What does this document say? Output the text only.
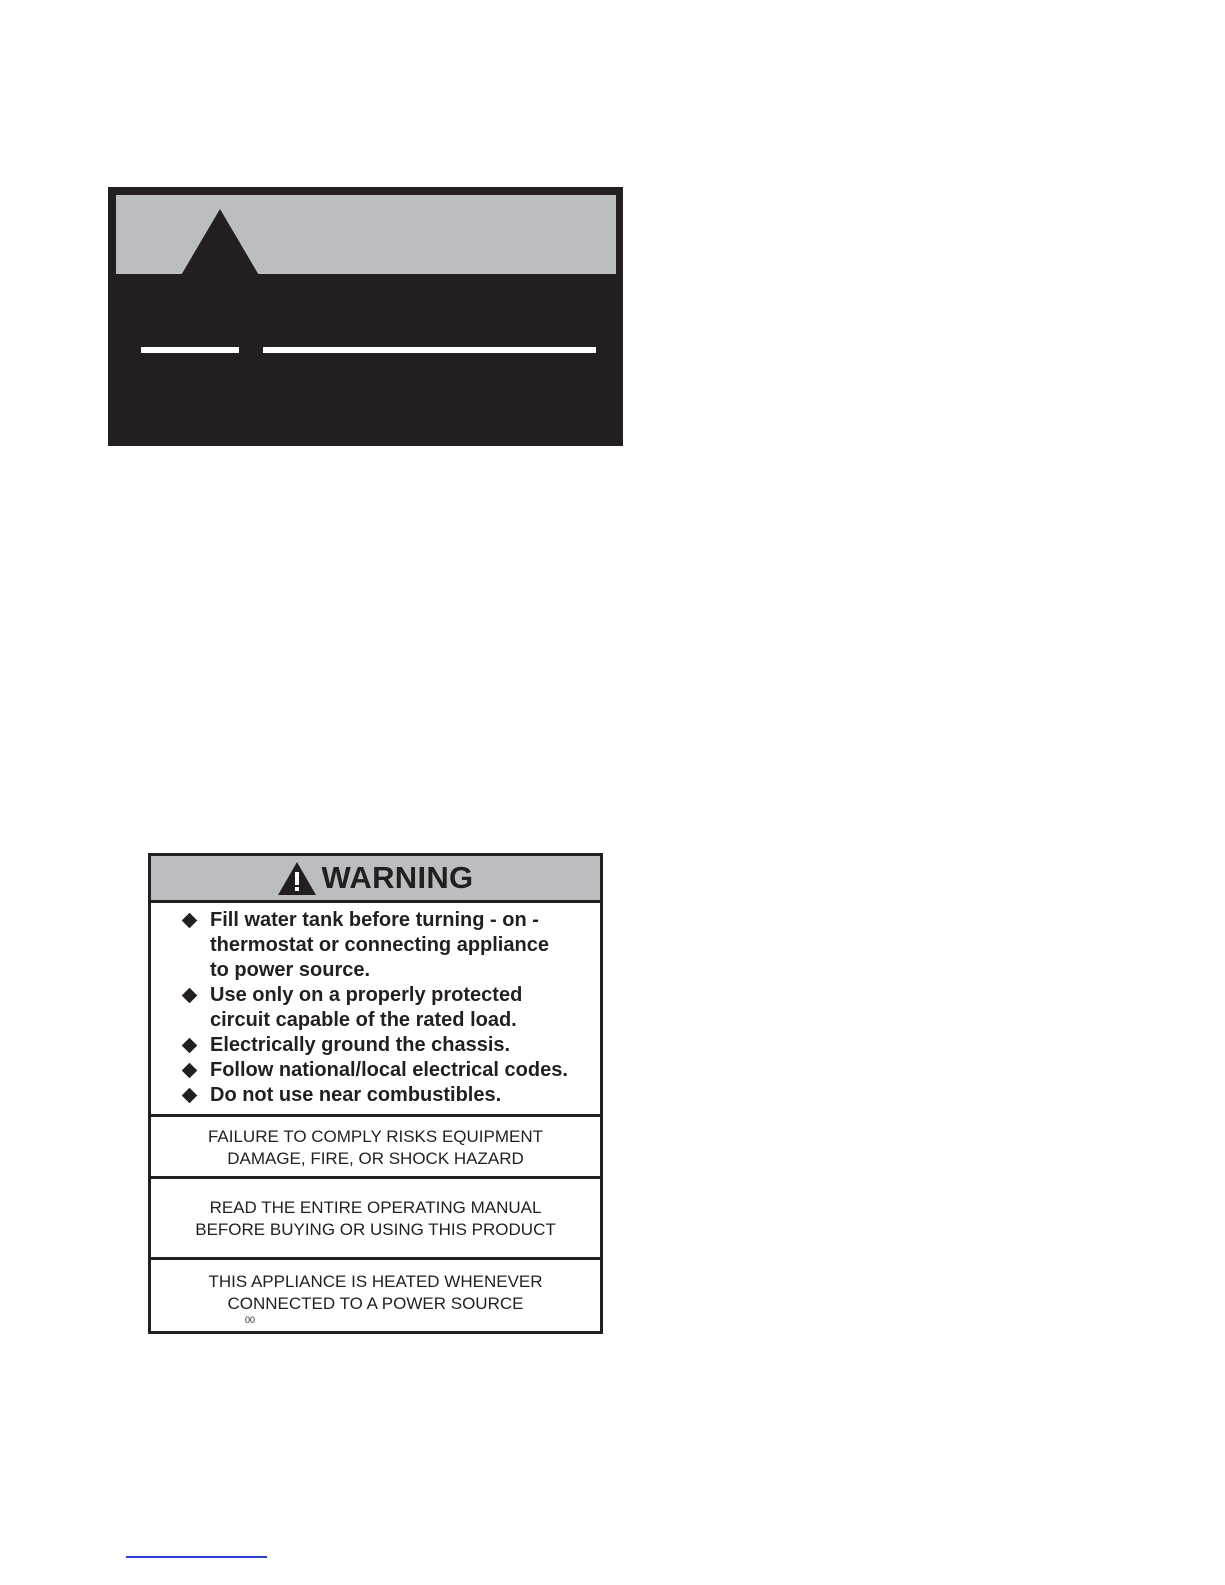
WARNING
Fill water tank before turning - on -
thermostat or connecting appliance
to power source.
Use only on a properly protected
circuit capable of the rated load.
Electrically ground the chassis.
Follow national/local electrical codes.
Do not use near combustibles.
FAILURE TO COMPLY RISKS EQUIPMENT
DAMAGE, FIRE, OR SHOCK HAZARD
READ THE ENTIRE OPERATING MANUAL
BEFORE BUYING OR USING THIS PRODUCT
THIS APPLIANCE IS HEATED WHENEVER
CONNECTED TO A POWER SOURCE
00
